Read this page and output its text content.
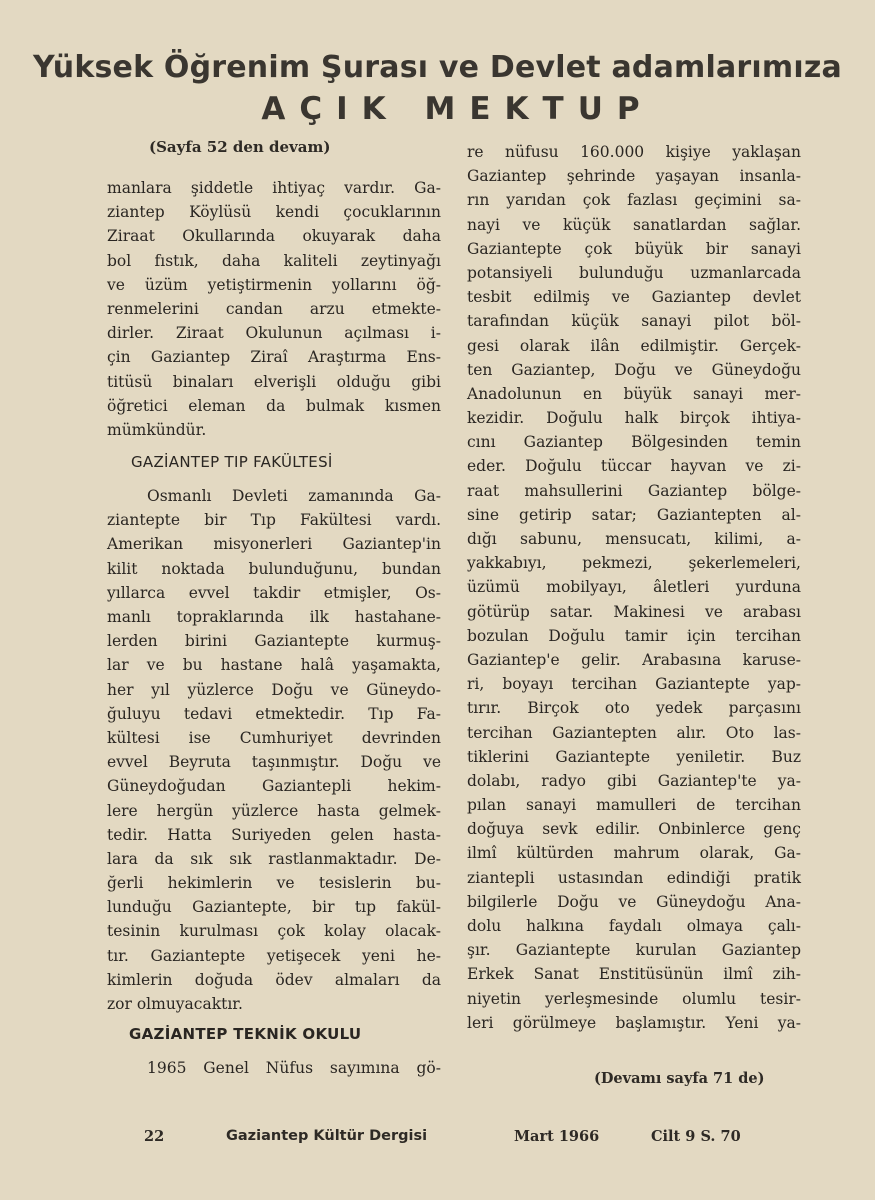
Yüksek Öğrenim Şurası ve Devlet adamlarımıza
AÇIK MEKTUP
(Sayfa 52 den devam)
manlara şiddetle ihtiyaç vardır. Ga-
ziantep Köylüsü kendi çocuklarının
Ziraat Okullarında okuyarak daha
bol fıstık, daha kaliteli zeytinyağı
ve üzüm yetiştirmenin yollarını öğ-
renmelerini candan arzu etmekte-
dirler. Ziraat Okulunun açılması i-
çin Gaziantep Ziraî Araştırma Ens-
titüsü binaları elverişli olduğu gibi
öğretici eleman da bulmak kısmen
mümkündür.
GAZİANTEP TIP FAKÜLTESİ
Osmanlı Devleti zamanında Ga-
ziantepte bir Tıp Fakültesi vardı.
Amerikan misyonerleri Gaziantep'in
kilit noktada bulunduğunu, bundan
yıllarca evvel takdir etmişler, Os-
manlı topraklarında ilk hastahane-
lerden birini Gaziantepte kurmuş-
lar ve bu hastane halâ yaşamakta,
her yıl yüzlerce Doğu ve Güneydo-
ğuluyu tedavi etmektedir. Tıp Fa-
kültesi ise Cumhuriyet devrinden
evvel Beyruta taşınmıştır. Doğu ve
Güneydoğudan Gaziantepli hekim-
lere hergün yüzlerce hasta gelmek-
tedir. Hatta Suriyeden gelen hasta-
lara da sık sık rastlanmaktadır. De-
ğerli hekimlerin ve tesislerin bu-
lunduğu Gaziantepte, bir tıp fakül-
tesinin kurulması çok kolay olacak-
tır. Gaziantepte yetişecek yeni he-
kimlerin doğuda ödev almaları da
zor olmuyacaktır.
GAZİANTEP TEKNİK OKULU
1965 Genel Nüfus sayımına gö-
re nüfusu 160.000 kişiye yaklaşan
Gaziantep şehrinde yaşayan insanla-
rın yarıdan çok fazlası geçimini sa-
nayi ve küçük sanatlardan sağlar.
Gaziantepte çok büyük bir sanayi
potansiyeli bulunduğu uzmanlarcada
tesbit edilmiş ve Gaziantep devlet
tarafından küçük sanayi pilot böl-
gesi olarak ilân edilmiştir. Gerçek-
ten Gaziantep, Doğu ve Güneydoğu
Anadolunun en büyük sanayi mer-
kezidir. Doğulu halk birçok ihtiya-
cını Gaziantep Bölgesinden temin
eder. Doğulu tüccar hayvan ve zi-
raat mahsullerini Gaziantep bölge-
sine getirip satar; Gaziantepten al-
dığı sabunu, mensucatı, kilimi, a-
yakkabıyı, pekmezi, şekerlemeleri,
üzümü mobilyayı, âletleri yurduna
götürüp satar. Makinesi ve arabası
bozulan Doğulu tamir için tercihan
Gaziantep'e gelir. Arabasına karuse-
ri, boyayı tercihan Gaziantepte yap-
tırır. Birçok oto yedek parçasını
tercihan Gaziantepten alır. Oto las-
tiklerini Gaziantepte yeniletir. Buz
dolabı, radyo gibi Gaziantep'te ya-
pılan sanayi mamulleri de tercihan
doğuya sevk edilir. Onbinlerce genç
ilmî kültürden mahrum olarak, Ga-
ziantepli ustasından edindiği pratik
bilgilerle Doğu ve Güneydoğu Ana-
dolu halkına faydalı olmaya çalı-
şır. Gaziantepte kurulan Gaziantep
Erkek Sanat Enstitüsünün ilmî zih-
niyetin yerleşmesinde olumlu tesir-
leri görülmeye başlamıştır. Yeni ya-
(Devamı sayfa 71 de)
22	Gaziantep Kültür Dergisi	Mart 1966	Cilt 9 S. 70
